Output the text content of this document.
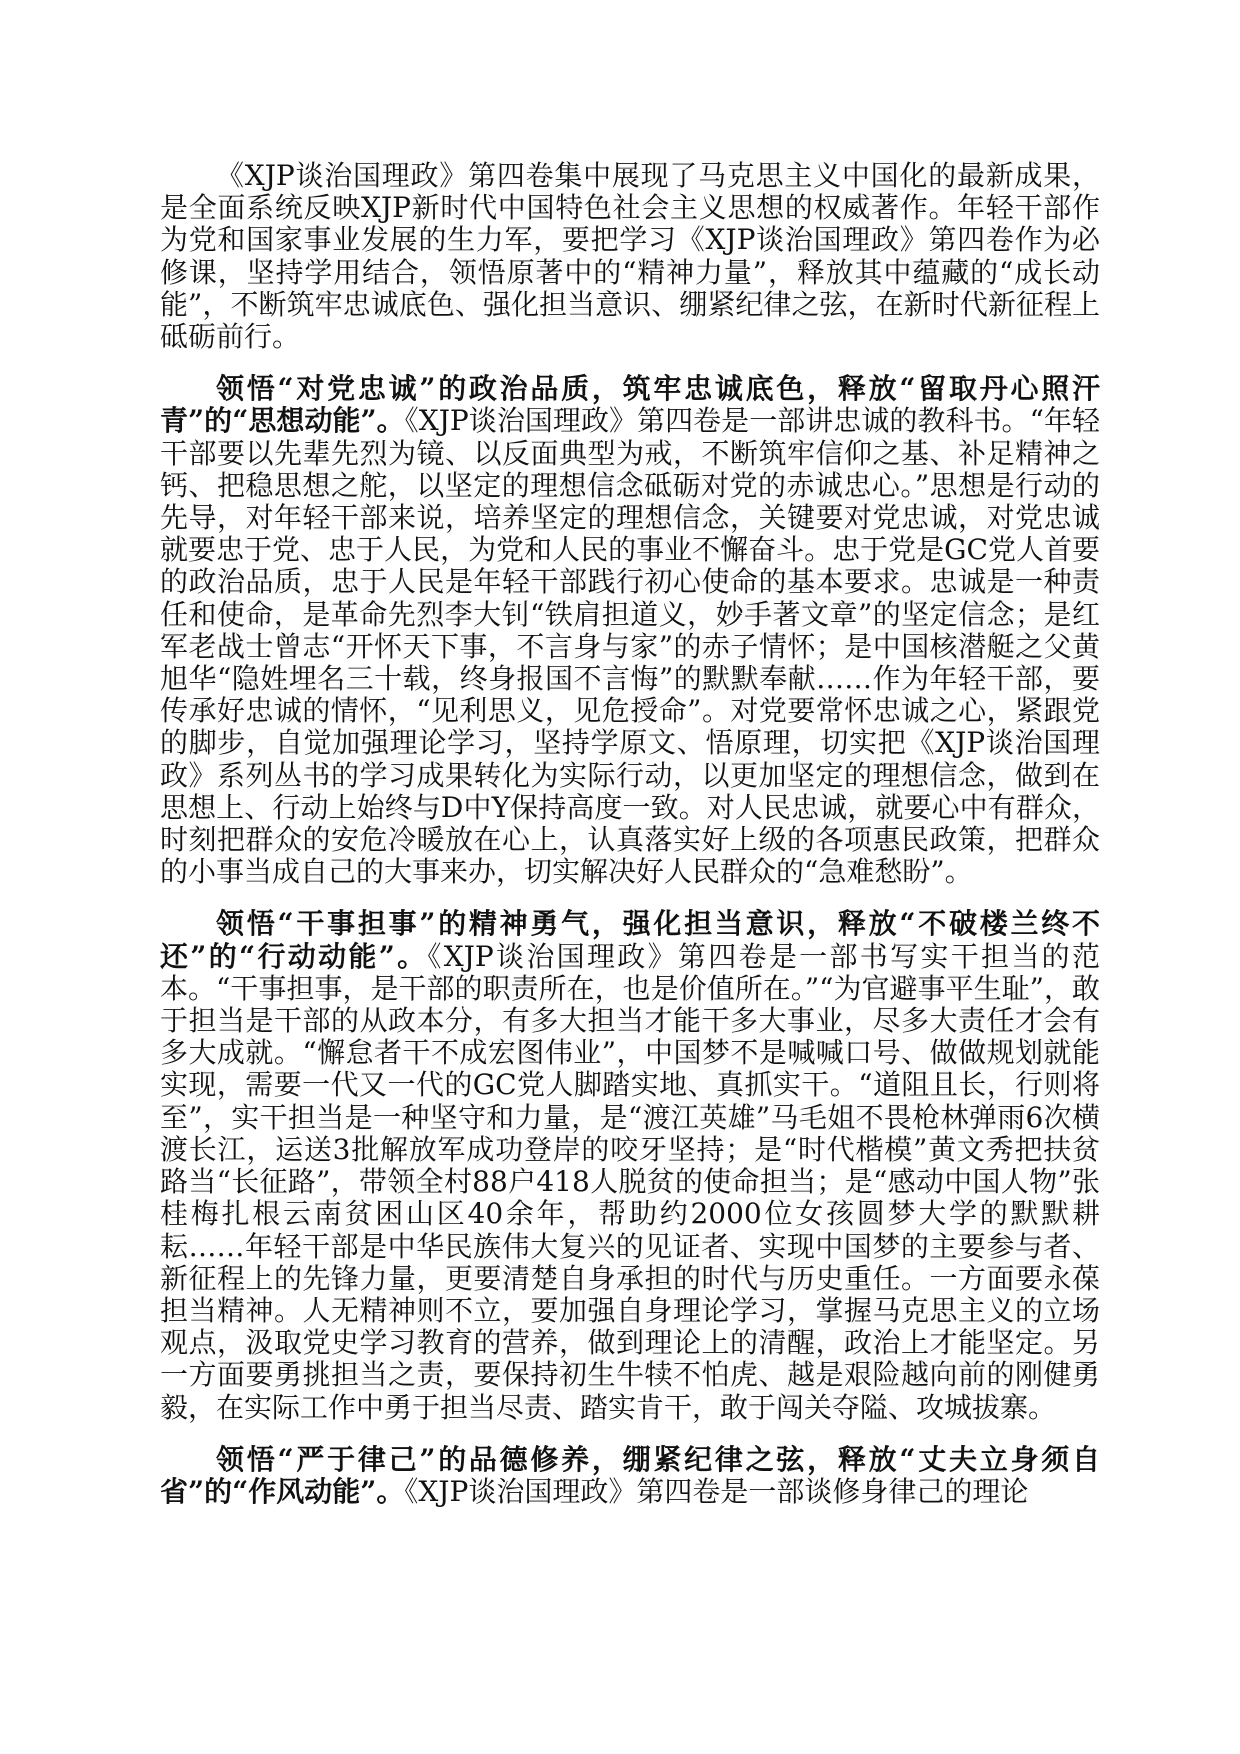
《XJP谈治国理政》第四卷集中展现了马克思主义中国化的最新成果，是全面系统反映XJP新时代中国特色社会主义思想的权威著作。年轻干部作为党和国家事业发展的生力军，要把学习《XJP谈治国理政》第四卷作为必修课，坚持学用结合，领悟原著中的“精神力量”，释放其中蕴藏的“成长动能”，不断筑牢忠诚底色、强化担当意识、绷紧纪律之弦，在新时代新征程上砥砺前行。

领悟“对党忠诚”的政治品质，筑牢忠诚底色，释放“留取丹心照汗青”的“思想动能”。《XJP谈治国理政》第四卷是一部讲忠诚的教科书。“年轻干部要以先辈先烈为镜、以反面典型为戒，不断筑牢信仰之基、补足精神之钙、把稳思想之舵，以坚定的理想信念砥砺对党的赤诚忠心。”思想是行动的先导，对年轻干部来说，培养坚定的理想信念，关键要对党忠诚，对党忠诚就要忠于党、忠于人民，为党和人民的事业不懈奋斗。忠于党是GC党人首要的政治品质，忠于人民是年轻干部践行初心使命的基本要求。忠诚是一种责任和使命，是革命先烈李大钊“铁肩担道义，妙手著文章”的坚定信念；是红军老战士曾志“开怀天下事，不言身与家”的赤子情怀；是中国核潜艇之父黄旭华“隐姓埋名三十载，终身报国不言悔”的默默奉献……作为年轻干部，要传承好忠诚的情怀，“见利思义，见危授命”。对党要常怀忠诚之心，紧跟党的脚步，自觉加强理论学习，坚持学原文、悟原理，切实把《XJP谈治国理政》系列丛书的学习成果转化为实际行动，以更加坚定的理想信念，做到在思想上、行动上始终与D中Y保持高度一致。对人民忠诚，就要心中有群众，时刻把群众的安危冷暖放在心上，认真落实好上级的各项惠民政策，把群众的小事当成自己的大事来办，切实解决好人民群众的“急难愁盼”。

领悟“干事担事”的精神勇气，强化担当意识，释放“不破楼兰终不还”的“行动动能”。《XJP谈治国理政》第四卷是一部书写实干担当的范本。“干事担事，是干部的职责所在，也是价值所在。”“为官避事平生耻”，敢于担当是干部的从政本分，有多大担当才能干多大事业，尽多大责任才会有多大成就。“懈怠者干不成宏图伟业”，中国梦不是喊喊口号、做做规划就能实现，需要一代又一代的GC党人脚踏实地、真抓实干。“道阻且长，行则将至”，实干担当是一种坚守和力量，是“渡江英雄”马毛姐不畏枪林弹雨6次横渡长江，运送3批解放军成功登岸的咬牙坚持；是“时代楷模”黄文秀把扶贫路当“长征路”，带领全村88户418人脱贫的使命担当；是“感动中国人物”张桂梅扎根云南贫困山区40余年，帮助约2000位女孩圆梦大学的默默耕耘……年轻干部是中华民族伟大复兴的见证者、实现中国梦的主要参与者、新征程上的先锋力量，更要清楚自身承担的时代与历史重任。一方面要永葆担当精神。人无精神则不立，要加强自身理论学习，掌握马克思主义的立场观点，汲取党史学习教育的营养，做到理论上的清醒，政治上才能坚定。另一方面要勇挑担当之责，要保持初生牛犊不怕虎、越是艰险越向前的刚健勇毅，在实际工作中勇于担当尽责、踏实肯干，敢于闯关夺隘、攻城拔寨。

领悟“严于律己”的品德修养，绷紧纪律之弦，释放“丈夫立身须自省”的“作风动能”。《XJP谈治国理政》第四卷是一部谈修身律己的理论
